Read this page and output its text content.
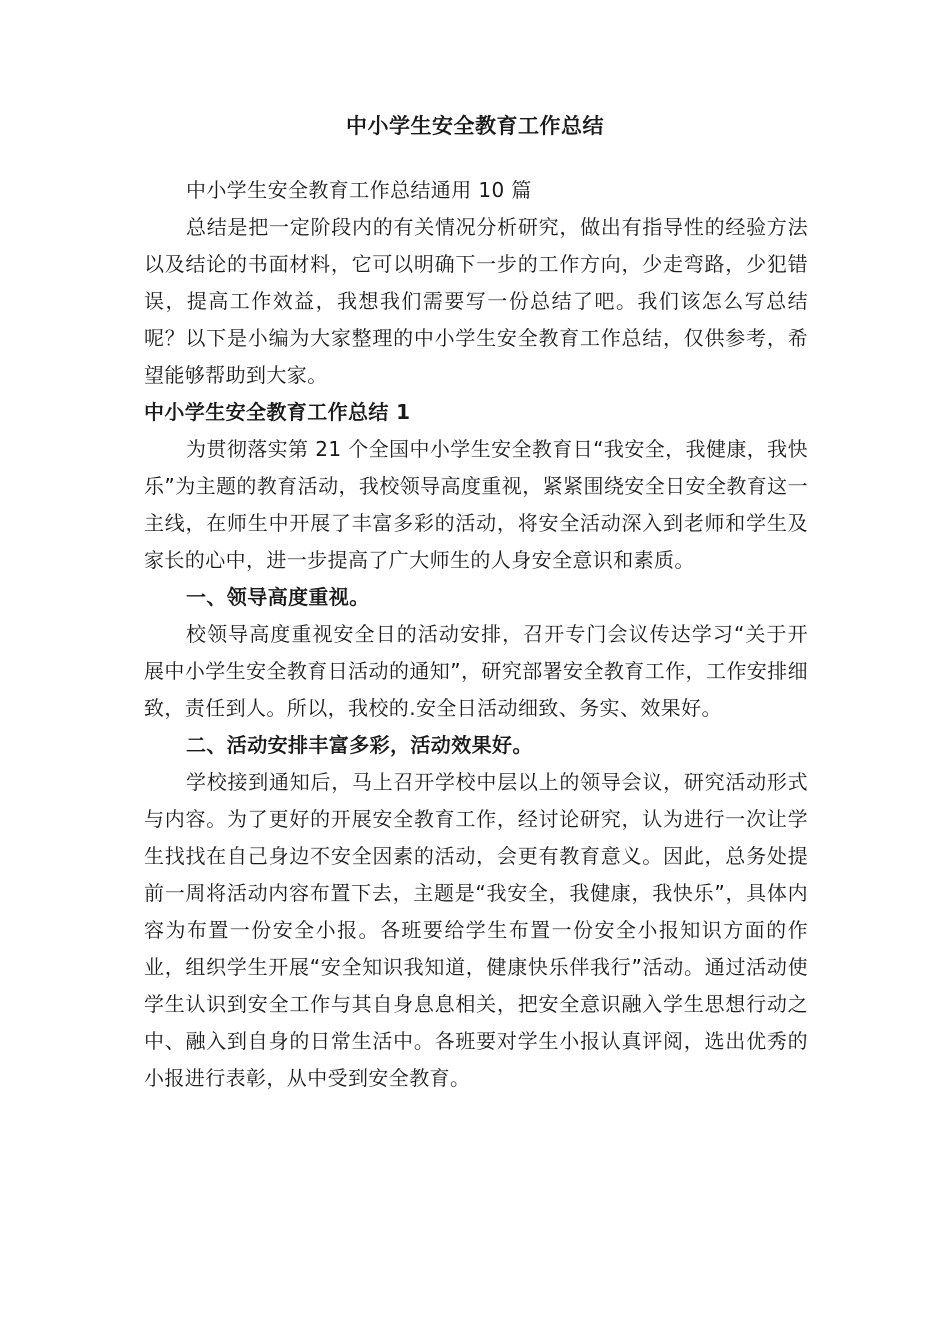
中小学生安全教育工作总结

中小学生安全教育工作总结通用 10 篇

总结是把一定阶段内的有关情况分析研究，做出有指导性的经验方法以及结论的书面材料，它可以明确下一步的工作方向，少走弯路，少犯错误，提高工作效益，我想我们需要写一份总结了吧。我们该怎么写总结呢？以下是小编为大家整理的中小学生安全教育工作总结，仅供参考，希望能够帮助到大家。

中小学生安全教育工作总结 1

为贯彻落实第 21 个全国中小学生安全教育日“我安全，我健康，我快乐”为主题的教育活动，我校领导高度重视，紧紧围绕安全日安全教育这一主线，在师生中开展了丰富多彩的活动，将安全活动深入到老师和学生及家长的心中，进一步提高了广大师生的人身安全意识和素质。

一、领导高度重视。

校领导高度重视安全日的活动安排，召开专门会议传达学习“关于开展中小学生安全教育日活动的通知”，研究部署安全教育工作，工作安排细致，责任到人。所以，我校的.安全日活动细致、务实、效果好。

二、活动安排丰富多彩，活动效果好。

学校接到通知后，马上召开学校中层以上的领导会议，研究活动形式与内容。为了更好的开展安全教育工作，经讨论研究，认为进行一次让学生找找在自己身边不安全因素的活动，会更有教育意义。因此，总务处提前一周将活动内容布置下去，主题是“我安全，我健康，我快乐”，具体内容为布置一份安全小报。各班要给学生布置一份安全小报知识方面的作业，组织学生开展“安全知识我知道，健康快乐伴我行”活动。通过活动使学生认识到安全工作与其自身息息相关，把安全意识融入学生思想行动之中、融入到自身的日常生活中。各班要对学生小报认真评阅，选出优秀的小报进行表彰，从中受到安全教育。
